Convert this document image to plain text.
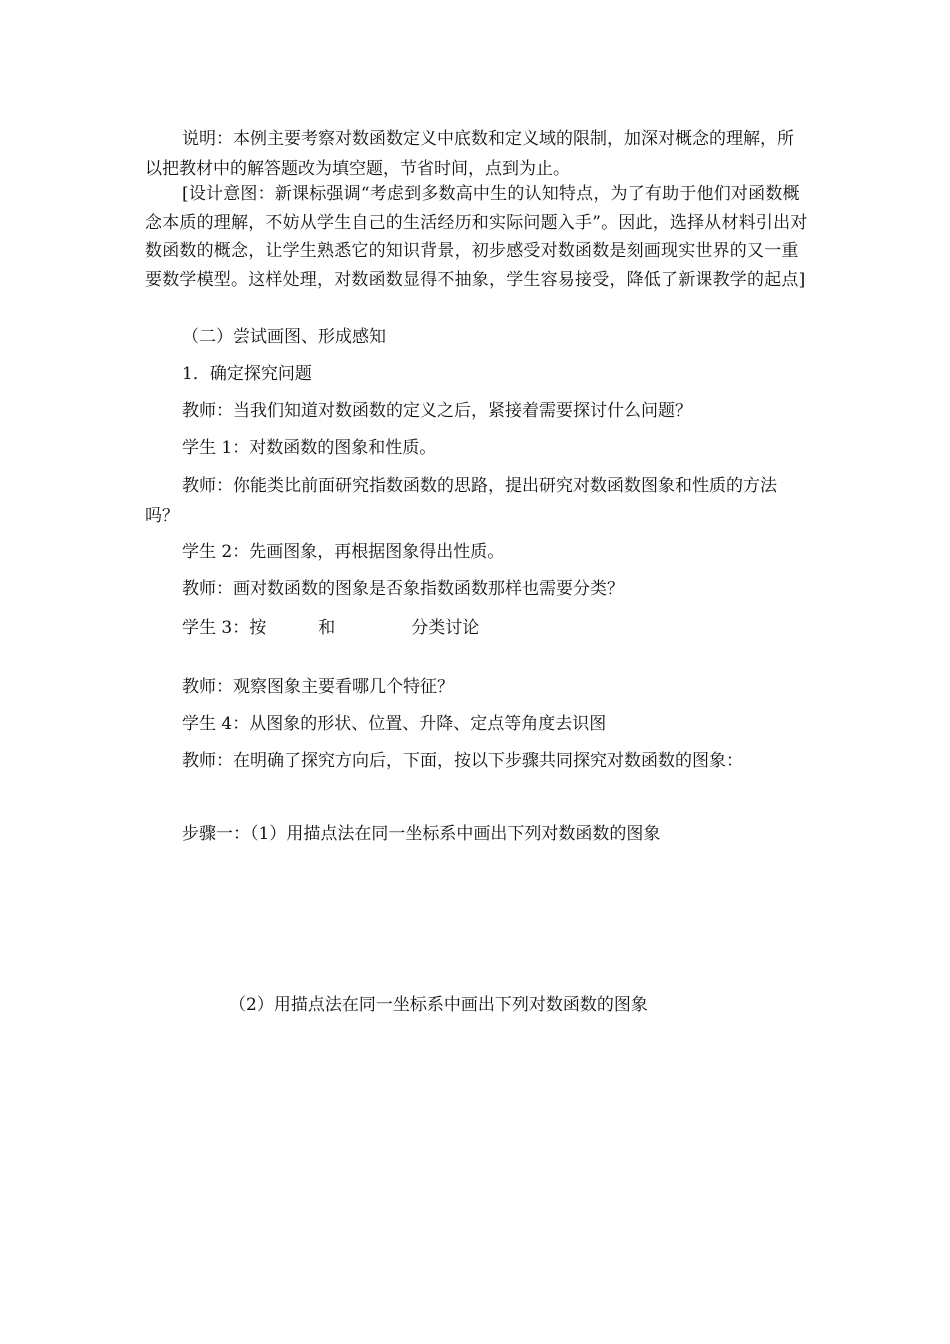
说明：本例主要考察对数函数定义中底数和定义域的限制，加深对概念的理解，所以把教材中的解答题改为填空题，节省时间，点到为止。

[设计意图：新课标强调“考虑到多数高中生的认知特点，为了有助于他们对函数概念本质的理解，不妨从学生自己的生活经历和实际问题入手”。因此，选择从材料引出对数函数的概念，让学生熟悉它的知识背景，初步感受对数函数是刻画现实世界的又一重要数学模型。这样处理，对数函数显得不抽象，学生容易接受，降低了新课教学的起点]

（二）尝试画图、形成感知

1．确定探究问题

教师：当我们知道对数函数的定义之后，紧接着需要探讨什么问题？

学生 1：对数函数的图象和性质。

教师：你能类比前面研究指数函数的思路，提出研究对数函数图象和性质的方法吗？

学生 2：先画图象，再根据图象得出性质。

教师：画对数函数的图象是否象指数函数那样也需要分类？

学生 3：按	和	分类讨论

教师：观察图象主要看哪几个特征？

学生 4：从图象的形状、位置、升降、定点等角度去识图

教师：在明确了探究方向后，下面，按以下步骤共同探究对数函数的图象：

步骤一：（1）用描点法在同一坐标系中画出下列对数函数的图象

（2）用描点法在同一坐标系中画出下列对数函数的图象
